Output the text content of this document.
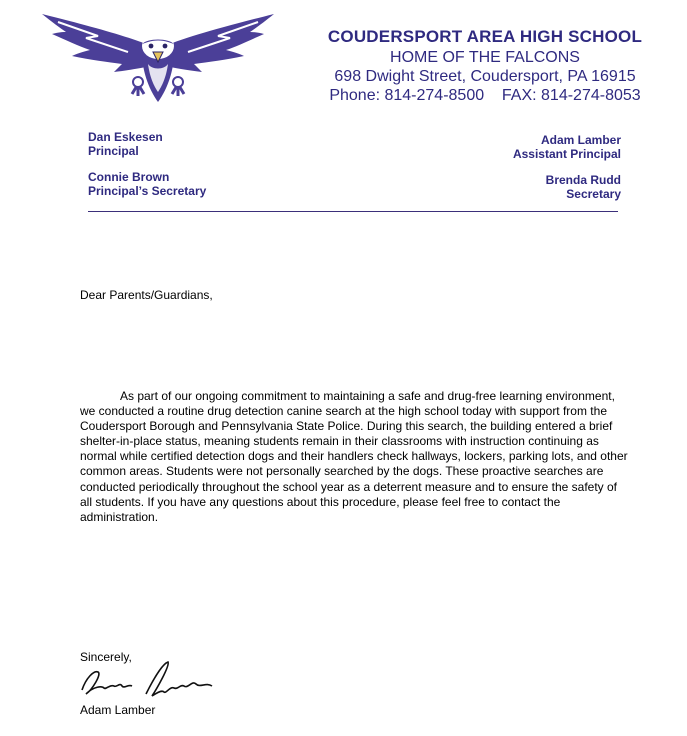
COUDERSPORT AREA HIGH SCHOOL
HOME OF THE FALCONS
698 Dwight Street, Coudersport, PA 16915
Phone: 814-274-8500    FAX: 814-274-8053
Dan Eskesen
Principal
Connie Brown
Principal’s Secretary
Adam Lamber
Assistant Principal
Brenda Rudd
Secretary
Dear Parents/Guardians,

As part of our ongoing commitment to maintaining a safe and drug-free learning environment, we conducted a routine drug detection canine search at the high school today with support from the Coudersport Borough and Pennsylvania State Police. During this search, the building entered a brief shelter-in-place status, meaning students remain in their classrooms with instruction continuing as normal while certified detection dogs and their handlers check hallways, lockers, parking lots, and other common areas. Students were not personally searched by the dogs. These proactive searches are conducted periodically throughout the school year as a deterrent measure and to ensure the safety of all students. If you have any questions about this procedure, please feel free to contact the administration.

Sincerely,
Adam Lamber
